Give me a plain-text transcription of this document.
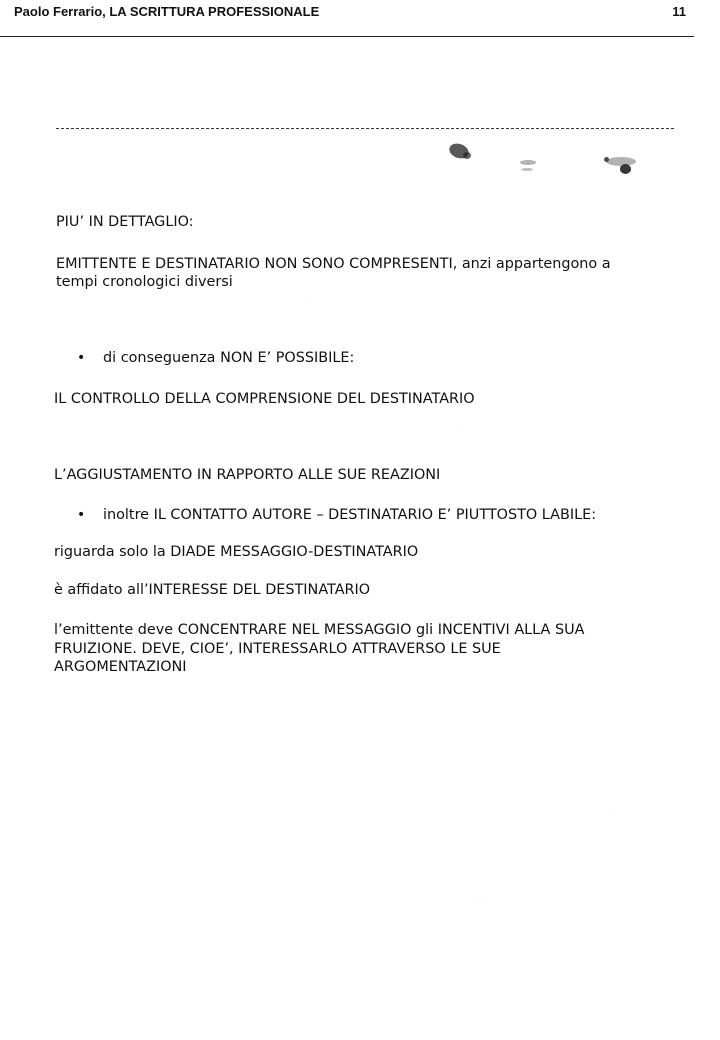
Paolo Ferrario, LA SCRITTURA PROFESSIONALE	11
PIU’ IN DETTAGLIO:
EMITTENTE E DESTINATARIO NON SONO COMPRESENTI, anzi appartengono a
tempi cronologici diversi
• di conseguenza NON E’ POSSIBILE:
IL CONTROLLO DELLA COMPRENSIONE DEL DESTINATARIO
L’AGGIUSTAMENTO IN RAPPORTO ALLE SUE REAZIONI
• inoltre IL CONTATTO AUTORE – DESTINATARIO E’ PIUTTOSTO LABILE:
riguarda solo la DIADE MESSAGGIO-DESTINATARIO
è affidato all’INTERESSE DEL DESTINATARIO
l’emittente deve CONCENTRARE NEL MESSAGGIO gli INCENTIVI ALLA SUA
FRUIZIONE. DEVE, CIOE’, INTERESSARLO ATTRAVERSO LE SUE
ARGOMENTAZIONI
